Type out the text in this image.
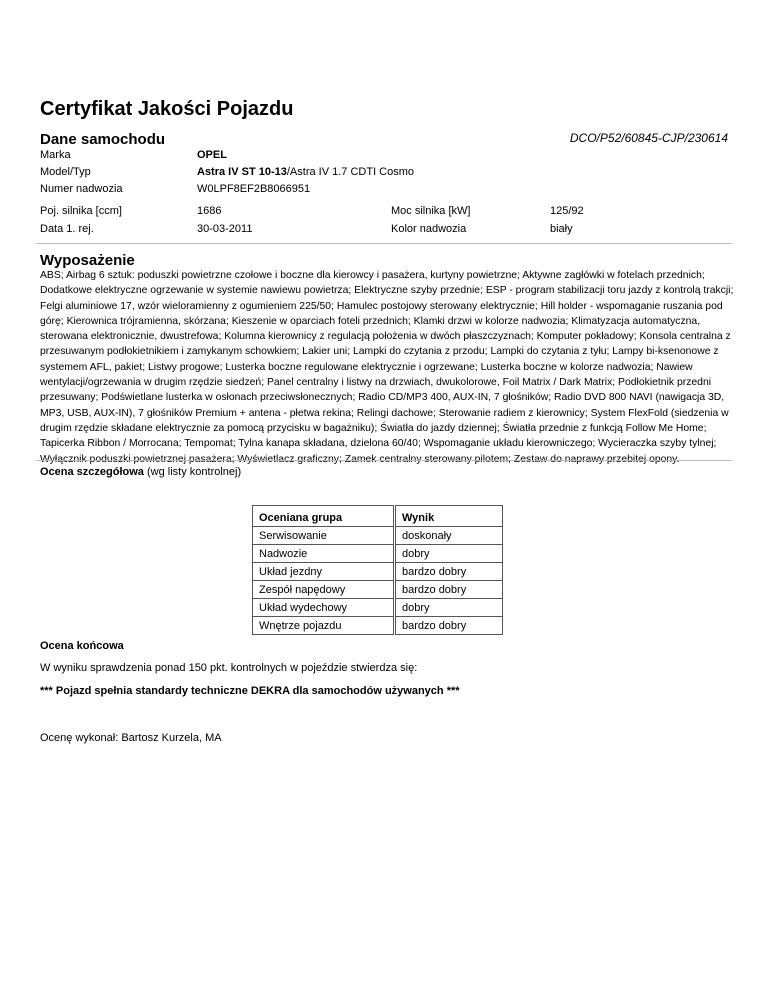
Certyfikat Jakości Pojazdu
Dane samochodu	DCO/P52/60845-CJP/230614
Marka	OPEL
Model/Typ	Astra IV ST 10-13/Astra IV 1.7 CDTI Cosmo
Numer nadwozia	W0LPF8EF2B8066951
Poj. silnika [ccm]	1686	Moc silnika [kW]	125/92
Data 1. rej.	30-03-2011	Kolor nadwozia	biały
Wyposażenie
ABS; Airbag 6 sztuk: poduszki powietrzne czołowe i boczne dla kierowcy i pasażera, kurtyny powietrzne; Aktywne zagłówki w fotelach przednich; Dodatkowe elektryczne ogrzewanie w systemie nawiewu powietrza; Elektryczne szyby przednie; ESP - program stabilizacji toru jazdy z kontrolą trakcji; Felgi aluminiowe 17, wzór wieloramienny z ogumieniem 225/50; Hamulec postojowy sterowany elektrycznie; Hill holder - wspomaganie ruszania pod górę; Kierownica trójramienna, skórzana; Kieszenie w oparciach foteli przednich; Klamki drzwi w kolorze nadwozia; Klimatyzacja automatyczna, sterowana elektronicznie, dwustrefowa; Kolumna kierownicy z regulacją położenia w dwóch płaszczyznach; Komputer pokładowy; Konsola centralna z przesuwanym podłokietnikiem i zamykanym schowkiem; Lakier uni; Lampki do czytania z przodu; Lampki do czytania z tyłu; Lampy bi-ksenonowe z systemem AFL, pakiet; Listwy progowe; Lusterka boczne regulowane elektrycznie i ogrzewane; Lusterka boczne w kolorze nadwozia; Nawiew wentylacji/ogrzewania w drugim rzędzie siedzeń; Panel centralny i listwy na drzwiach, dwukolorowe, Foil Matrix / Dark Matrix; Podłokietnik przedni przesuwany; Podświetlane lusterka w osłonach przeciwsłonecznych; Radio CD/MP3 400, AUX-IN, 7 głośników; Radio DVD 800 NAVI (nawigacja 3D, MP3, USB, AUX-IN), 7 głośników Premium + antena - płetwa rekina; Relingi dachowe; Sterowanie radiem z kierownicy; System FlexFold (siedzenia w drugim rzędzie składane elektrycznie za pomocą przycisku w bagażniku); Światła do jazdy dziennej; Światła przednie z funkcją Follow Me Home; Tapicerka Ribbon / Morrocana; Tempomat; Tylna kanapa składana, dzielona 60/40; Wspomaganie układu kierowniczego; Wycieraczka szyby tylnej;
Ocena szczegółowa (wg listy kontrolnej)
Oceniana grupa		Wynik
Serwisowanie		doskonały
Nadwozie		dobry
Układ jezdny		bardzo dobry
Zespół napędowy		bardzo dobry
Układ wydechowy		dobry
Wnętrze pojazdu		bardzo dobry
Ocena końcowa
W wyniku sprawdzenia ponad 150 pkt. kontrolnych w pojeździe stwierdza się:
*** Pojazd spełnia standardy techniczne DEKRA dla samochodów używanych ***
Ocenę wykonał: Bartosz Kurzela, MA
